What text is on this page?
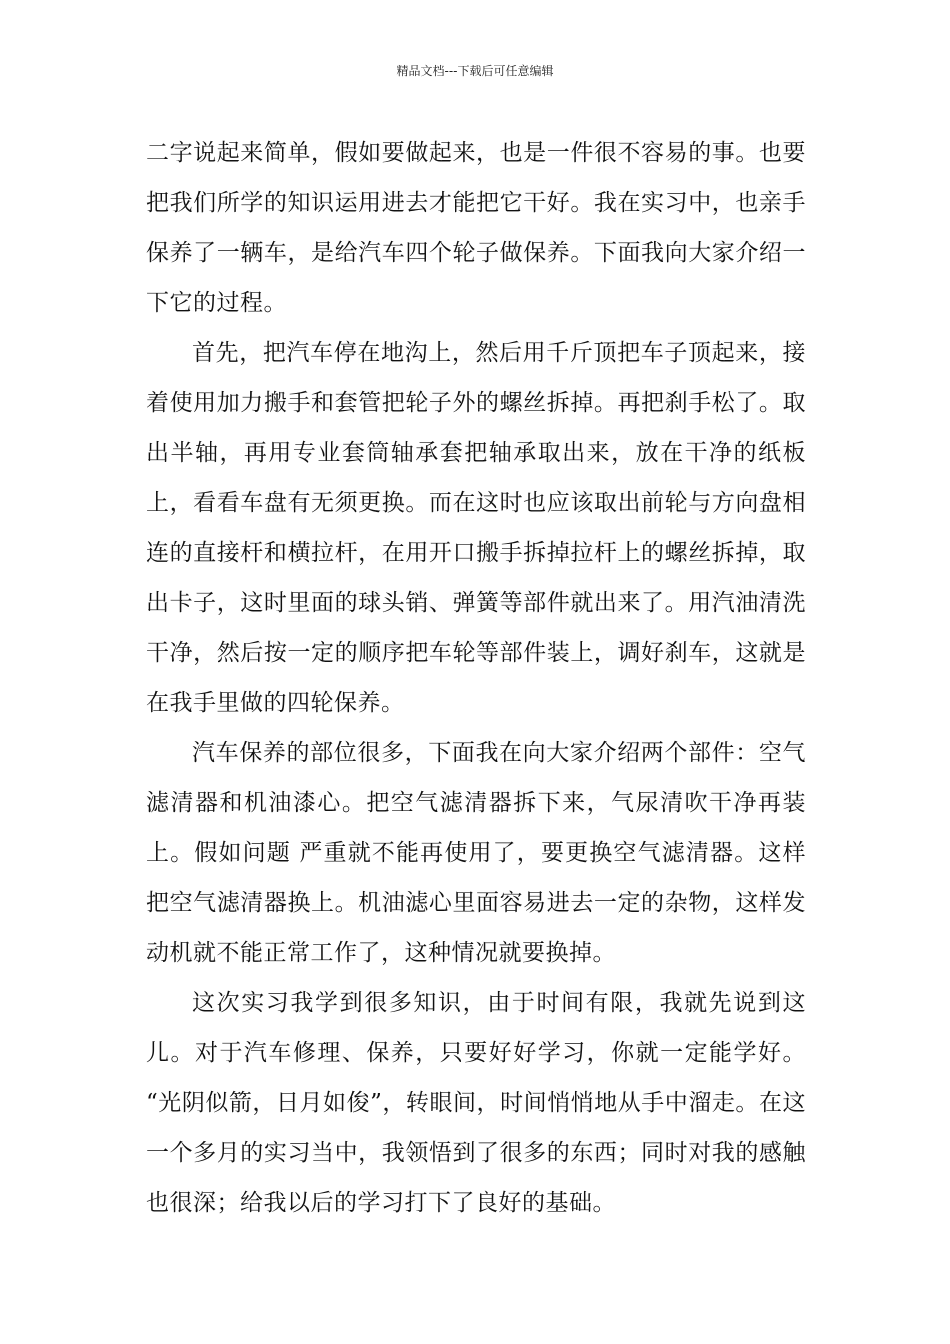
精品文档---下载后可任意编辑

二字说起来简单，假如要做起来，也是一件很不容易的事。也要把我们所学的知识运用进去才能把它干好。我在实习中，也亲手保养了一辆车，是给汽车四个轮子做保养。下面我向大家介绍一下它的过程。

首先，把汽车停在地沟上，然后用千斤顶把车子顶起来，接着使用加力搬手和套管把轮子外的螺丝拆掉。再把刹手松了。取出半轴，再用专业套筒轴承套把轴承取出来，放在干净的纸板上，看看车盘有无须更换。而在这时也应该取出前轮与方向盘相连的直接杆和横拉杆，在用开口搬手拆掉拉杆上的螺丝拆掉，取出卡子，这时里面的球头销、弹簧等部件就出来了。用汽油清洗干净，然后按一定的顺序把车轮等部件装上，调好刹车，这就是在我手里做的四轮保养。

汽车保养的部位很多，下面我在向大家介绍两个部件：空气滤清器和机油漆心。把空气滤清器拆下来，气尿清吹干净再装上。假如问题 严重就不能再使用了，要更换空气滤清器。这样把空气滤清器换上。机油滤心里面容易进去一定的杂物，这样发动机就不能正常工作了，这种情况就要换掉。

这次实习我学到很多知识，由于时间有限，我就先说到这儿。对于汽车修理、保养，只要好好学习，你就一定能学好。 “光阴似箭，日月如俊”，转眼间，时间悄悄地从手中溜走。在这一个多月的实习当中，我领悟到了很多的东西；同时对我的感触也很深；给我以后的学习打下了良好的基础。
